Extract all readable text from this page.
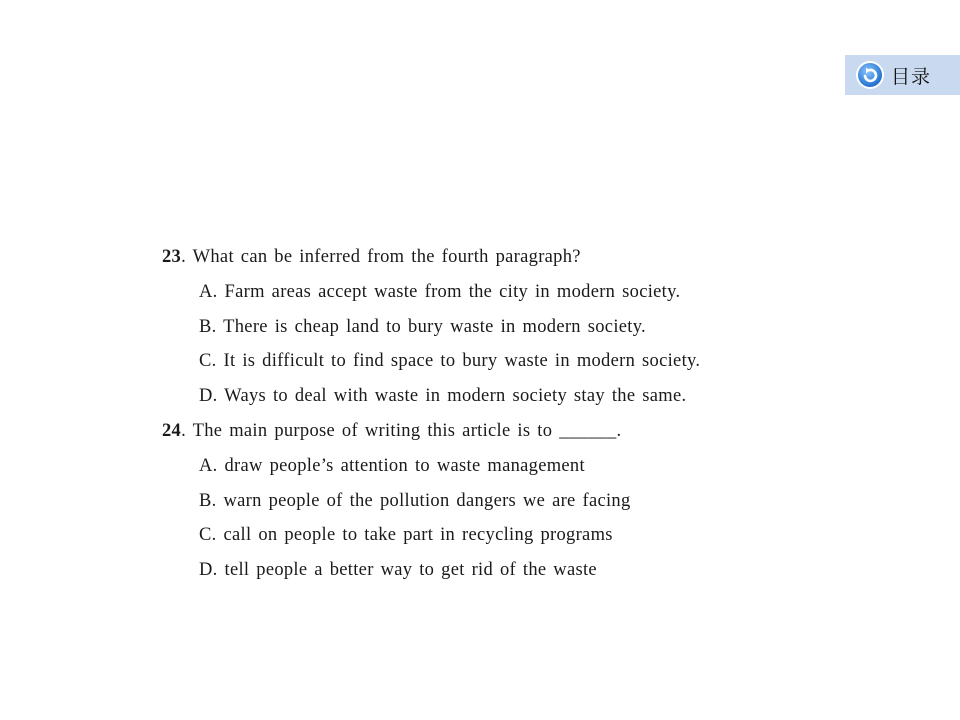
目录
23. What can be inferred from the fourth paragraph?
A. Farm areas accept waste from the city in modern society.
B. There is cheap land to bury waste in modern society.
C. It is difficult to find space to bury waste in modern society.
D. Ways to deal with waste in modern society stay the same.
24. The main purpose of writing this article is to ______.
A. draw people’s attention to waste management
B. warn people of the pollution dangers we are facing
C. call on people to take part in recycling programs
D. tell people a better way to get rid of the waste
